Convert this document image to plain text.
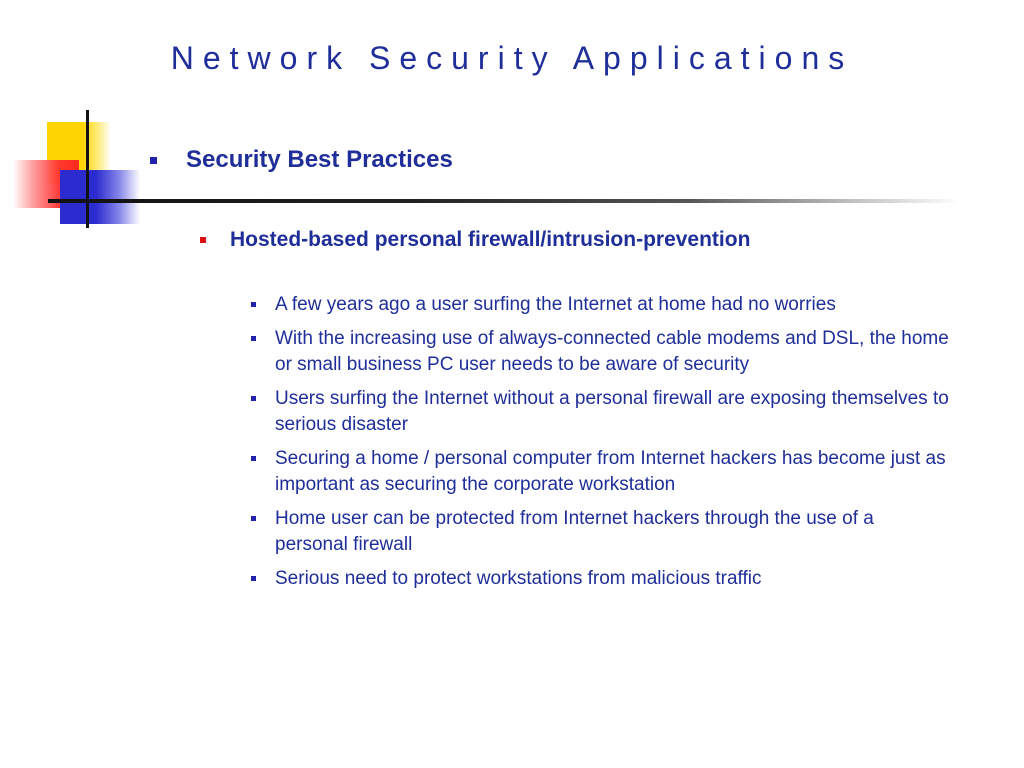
Network Security Applications
Security Best Practices
Hosted-based personal firewall/intrusion-prevention
A few years ago a user surfing the Internet at home had no worries
With the increasing use of always-connected cable modems and DSL, the home or small business PC user needs to be aware of security
Users surfing the Internet without a personal firewall are exposing themselves to serious disaster
Securing a home / personal computer from Internet hackers has become just as important as securing the corporate workstation
Home user can be protected from Internet hackers through the use of a personal firewall
Serious need to protect workstations from malicious traffic
